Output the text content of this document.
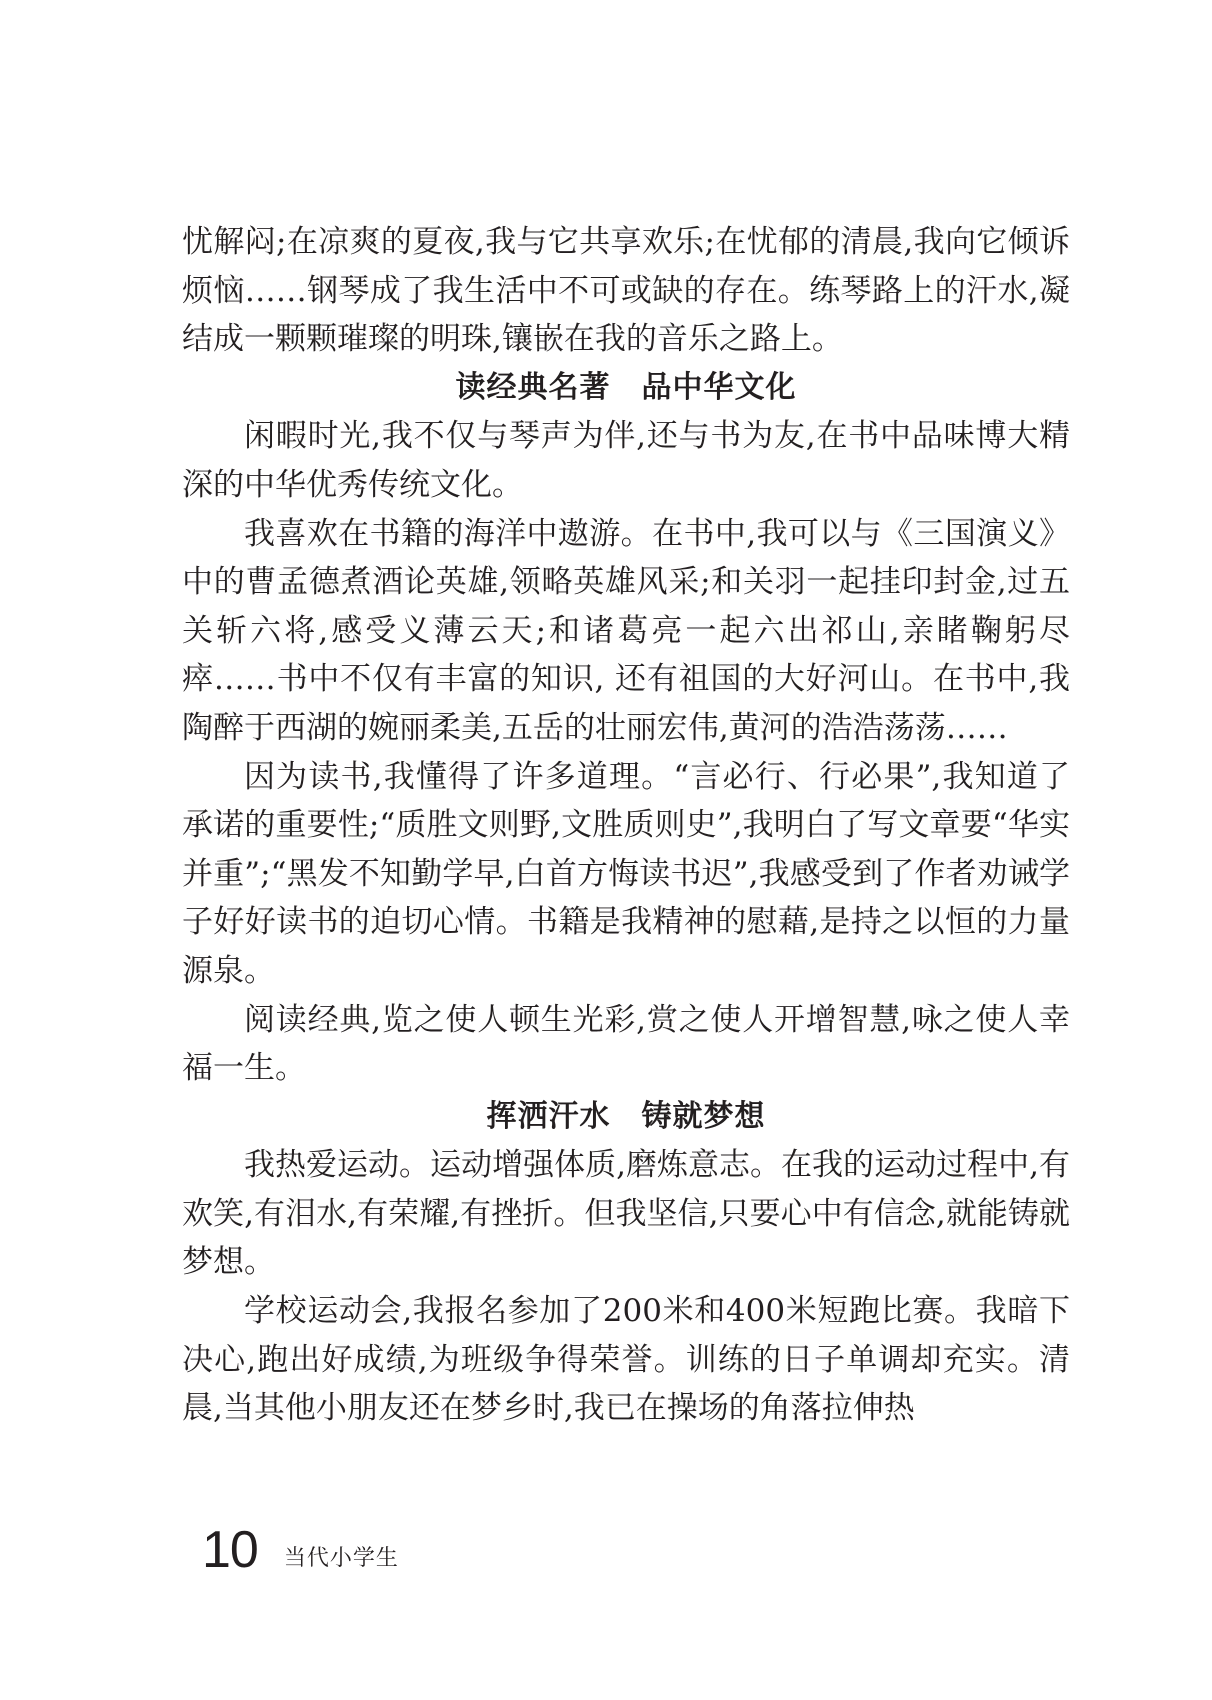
忧解闷;在凉爽的夏夜,我与它共享欢乐;在忧郁的清晨,我向它倾诉烦恼……钢琴成了我生活中不可或缺的存在。练琴路上的汗水,凝结成一颗颗璀璨的明珠,镶嵌在我的音乐之路上。

读经典名著　品中华文化

闲暇时光,我不仅与琴声为伴,还与书为友,在书中品味博大精深的中华优秀传统文化。

我喜欢在书籍的海洋中遨游。在书中,我可以与《三国演义》中的曹孟德煮酒论英雄,领略英雄风采;和关羽一起挂印封金,过五关斩六将,感受义薄云天;和诸葛亮一起六出祁山,亲睹鞠躬尽瘁……书中不仅有丰富的知识, 还有祖国的大好河山。在书中,我陶醉于西湖的婉丽柔美,五岳的壮丽宏伟,黄河的浩浩荡荡……

因为读书,我懂得了许多道理。“言必行、行必果”,我知道了承诺的重要性;“质胜文则野,文胜质则史”,我明白了写文章要“华实并重”;“黑发不知勤学早,白首方悔读书迟”,我感受到了作者劝诫学子好好读书的迫切心情。书籍是我精神的慰藉,是持之以恒的力量源泉。

阅读经典,览之使人顿生光彩,赏之使人开增智慧,咏之使人幸福一生。

挥洒汗水　铸就梦想

我热爱运动。运动增强体质,磨炼意志。在我的运动过程中,有欢笑,有泪水,有荣耀,有挫折。但我坚信,只要心中有信念,就能铸就梦想。

学校运动会,我报名参加了200米和400米短跑比赛。我暗下决心,跑出好成绩,为班级争得荣誉。训练的日子单调却充实。清晨,当其他小朋友还在梦乡时,我已在操场的角落拉伸热

10 当代小学生
